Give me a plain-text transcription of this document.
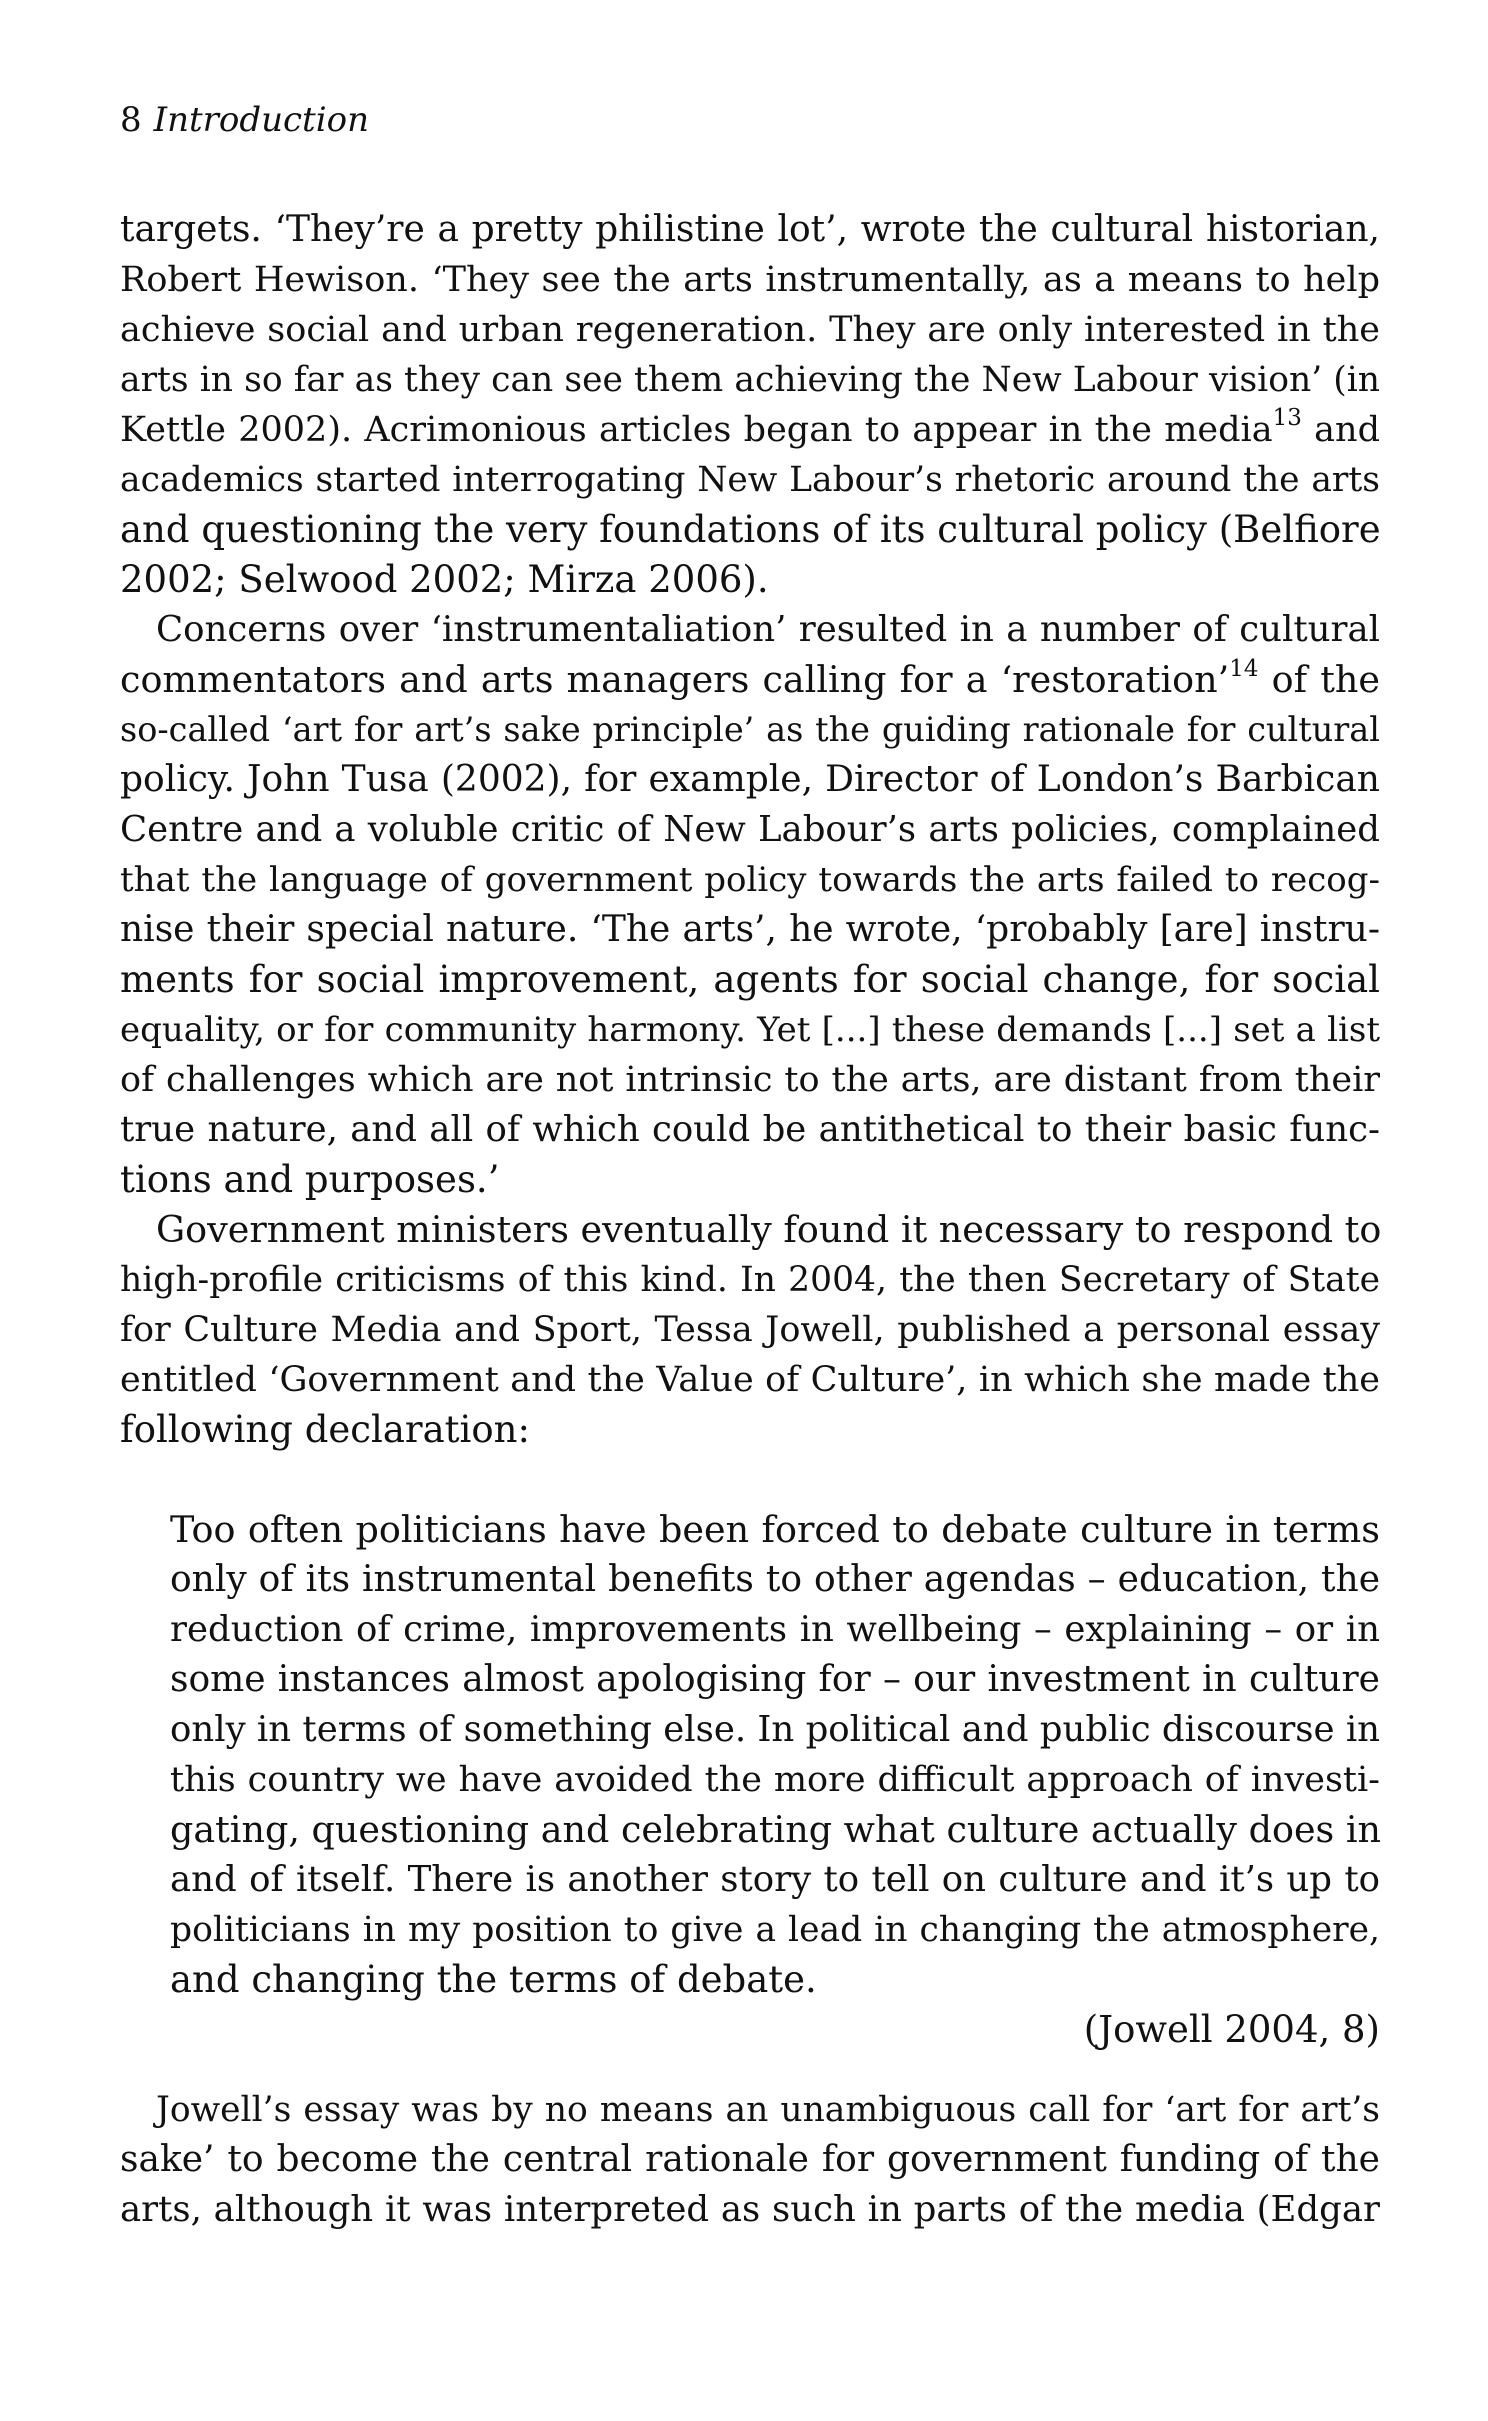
8 Introduction
targets. ‘They’re a pretty philistine lot’, wrote the cultural historian,
Robert Hewison. ‘They see the arts instrumentally, as a means to help
achieve social and urban regeneration. They are only interested in the
arts in so far as they can see them achieving the New Labour vision’ (in
Kettle 2002). Acrimonious articles began to appear in the media$^{13}$ and
academics started interrogating New Labour’s rhetoric around the arts
and questioning the very foundations of its cultural policy (Belfiore
2002; Selwood 2002; Mirza 2006).
Concerns over ‘instrumentaliation’ resulted in a number of cultural
commentators and arts managers calling for a ‘restoration’$^{14}$ of the
so-called ‘art for art’s sake principle’ as the guiding rationale for cultural
policy. John Tusa (2002), for example, Director of London’s Barbican
Centre and a voluble critic of New Labour’s arts policies, complained
that the language of government policy towards the arts failed to recog-
nise their special nature. ‘The arts’, he wrote, ‘probably [are] instru-
ments for social improvement, agents for social change, for social
equality, or for community harmony. Yet [...] these demands [...] set a list
of challenges which are not intrinsic to the arts, are distant from their
true nature, and all of which could be antithetical to their basic func-
tions and purposes.’
Government ministers eventually found it necessary to respond to
high-profile criticisms of this kind. In 2004, the then Secretary of State
for Culture Media and Sport, Tessa Jowell, published a personal essay
entitled ‘Government and the Value of Culture’, in which she made the
following declaration:
Too often politicians have been forced to debate culture in terms
only of its instrumental benefits to other agendas – education, the
reduction of crime, improvements in wellbeing – explaining – or in
some instances almost apologising for – our investment in culture
only in terms of something else. In political and public discourse in
this country we have avoided the more difficult approach of investi-
gating, questioning and celebrating what culture actually does in
and of itself. There is another story to tell on culture and it’s up to
politicians in my position to give a lead in changing the atmosphere,
and changing the terms of debate.
(Jowell 2004, 8)
Jowell’s essay was by no means an unambiguous call for ‘art for art’s
sake’ to become the central rationale for government funding of the
arts, although it was interpreted as such in parts of the media (Edgar
